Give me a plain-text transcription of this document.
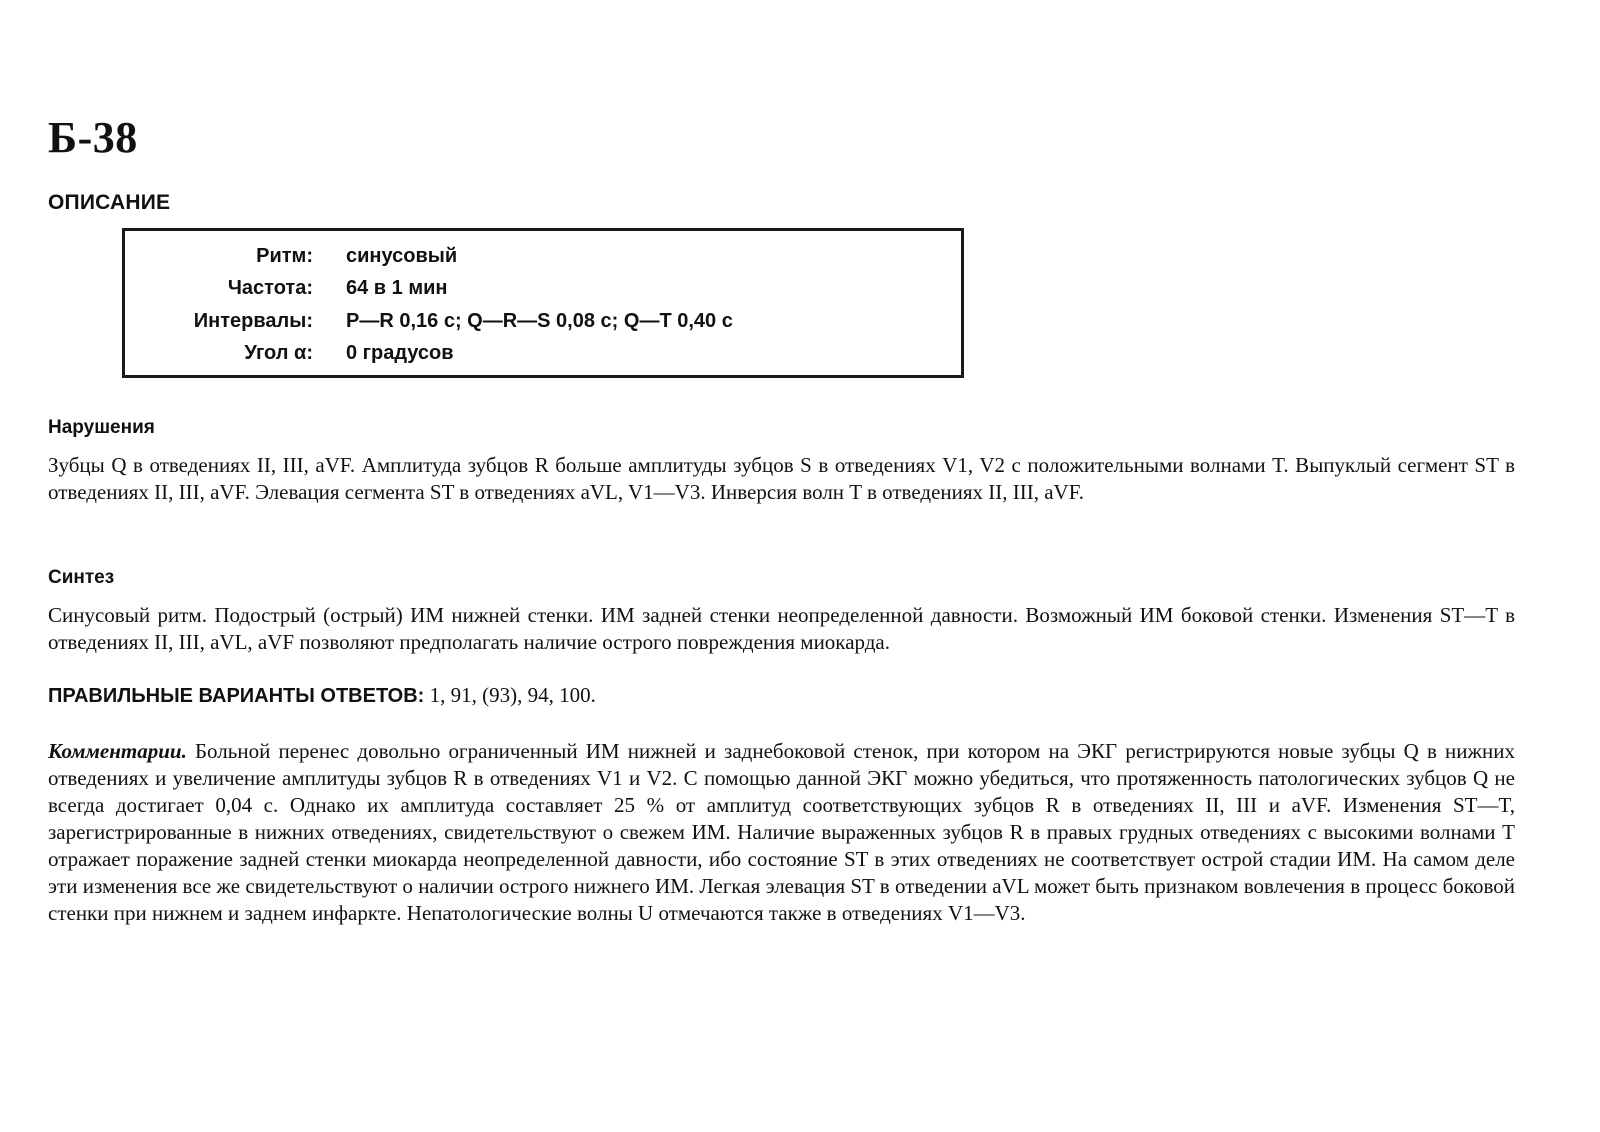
Б-38
ОПИСАНИЕ
Ритм: синусовый
Частота: 64 в 1 мин
Интервалы: P—R 0,16 с; Q—R—S 0,08 с; Q—T 0,40 с
Угол α: 0 градусов
Нарушения

Зубцы Q в отведениях II, III, aVF. Амплитуда зубцов R больше амплитуды зубцов S в отведениях V1, V2 с положительными волнами T. Выпуклый сегмент ST в отведениях II, III, aVF. Элевация сегмента ST в отведениях aVL, V1—V3. Инверсия волн T в отведениях II, III, aVF.

Синтез

Синусовый ритм. Подострый (острый) ИМ нижней стенки. ИМ задней стенки неопределенной давности. Возможный ИМ боковой стенки. Изменения ST—T в отведениях II, III, aVL, aVF позволяют предполагать наличие острого повреждения миокарда.

ПРАВИЛЬНЫЕ ВАРИАНТЫ ОТВЕТОВ: 1, 91, (93), 94, 100.

Комментарии. Больной перенес довольно ограниченный ИМ нижней и заднебоковой стенок, при котором на ЭКГ регистрируются новые зубцы Q в нижних отведениях и увеличение амплитуды зубцов R в отведениях V1 и V2. С помощью данной ЭКГ можно убедиться, что протяженность патологических зубцов Q не всегда достигает 0,04 с. Однако их амплитуда составляет 25 % от амплитуд соответствующих зубцов R в отведениях II, III и aVF. Изменения ST—T, зарегистрированные в нижних отведениях, свидетельствуют о свежем ИМ. Наличие выраженных зубцов R в правых грудных отведениях с высокими волнами T отражает поражение задней стенки миокарда неопределенной давности, ибо состояние ST в этих отведениях не соответствует острой стадии ИМ. На самом деле эти изменения все же свидетельствуют о наличии острого нижнего ИМ. Легкая элевация ST в отведении aVL может быть признаком вовлечения в процесс боковой стенки при нижнем и заднем инфаркте. Непатологические волны U отмечаются также в отведениях V1—V3.
